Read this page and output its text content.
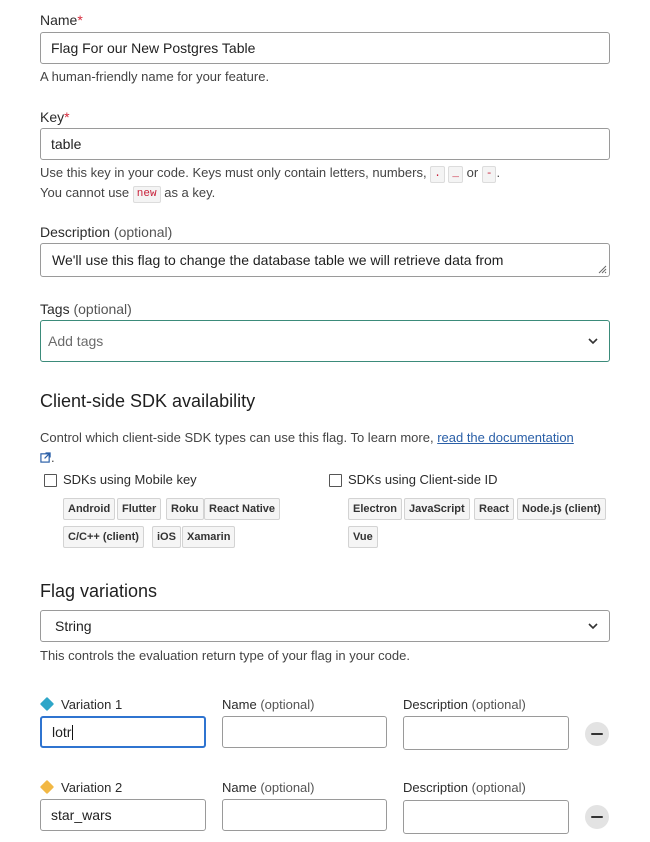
Name*
Flag For our New Postgres Table
A human-friendly name for your feature.
Key*
table
Use this key in your code. Keys must only contain letters, numbers, . _ or - .
You cannot use new as a key.
Description (optional)
We'll use this flag to change the database table we will retrieve data from
Tags (optional)
Add tags
Client-side SDK availability
Control which client-side SDK types can use this flag. To learn more, read the documentation
.
SDKs using Mobile key
Android	Flutter	Roku React Native
C/C++ (client)	iOS	Xamarin
SDKs using Client-side ID
Electron	JavaScript	React	Node.js (client)
Vue
Flag variations
String
This controls the evaluation return type of your flag in your code.
Variation 1
lotr
Name (optional)	Description (optional)
Variation 2
star_wars
Name (optional)	Description (optional)
